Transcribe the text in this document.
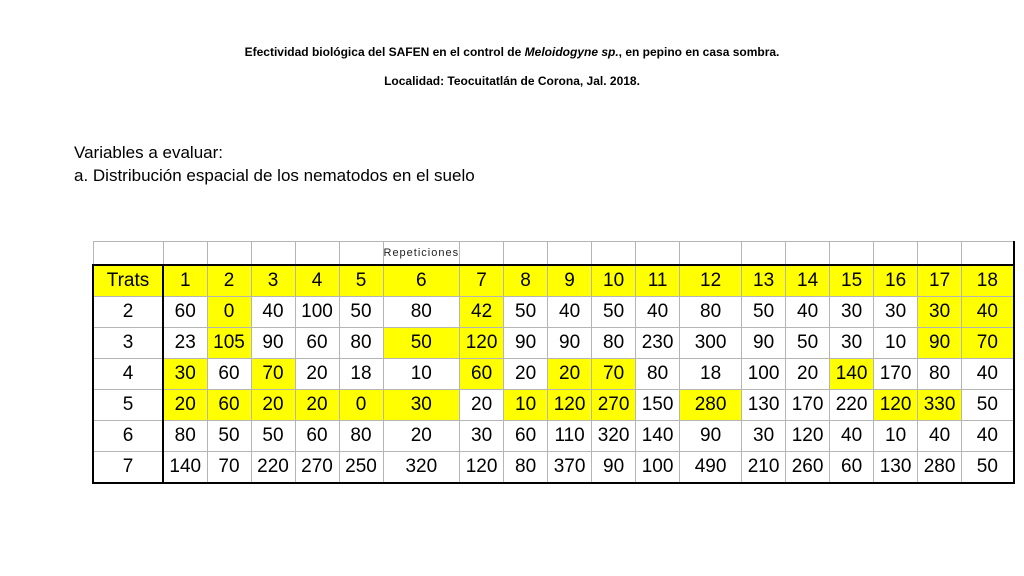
Efectividad biológica del SAFEN en el control de Meloidogyne sp., en pepino en casa sombra.
Localidad: Teocuitatlán de Corona, Jal. 2018.
Variables a evaluar:
a. Distribución espacial de los nematodos en el suelo
						Repeticiones												
Trats	1	2	3	4	5	6	7	8	9	10	11	12	13	14	15	16	17	18
2	60	0	40	100	50	80	42	50	40	50	40	80	50	40	30	30	30	40
3	23	105	90	60	80	50	120	90	90	80	230	300	90	50	30	10	90	70
4	30	60	70	20	18	10	60	20	20	70	80	18	100	20	140	170	80	40
5	20	60	20	20	0	30	20	10	120	270	150	280	130	170	220	120	330	50
6	80	50	50	60	80	20	30	60	110	320	140	90	30	120	40	10	40	40
7	140	70	220	270	250	320	120	80	370	90	100	490	210	260	60	130	280	50
